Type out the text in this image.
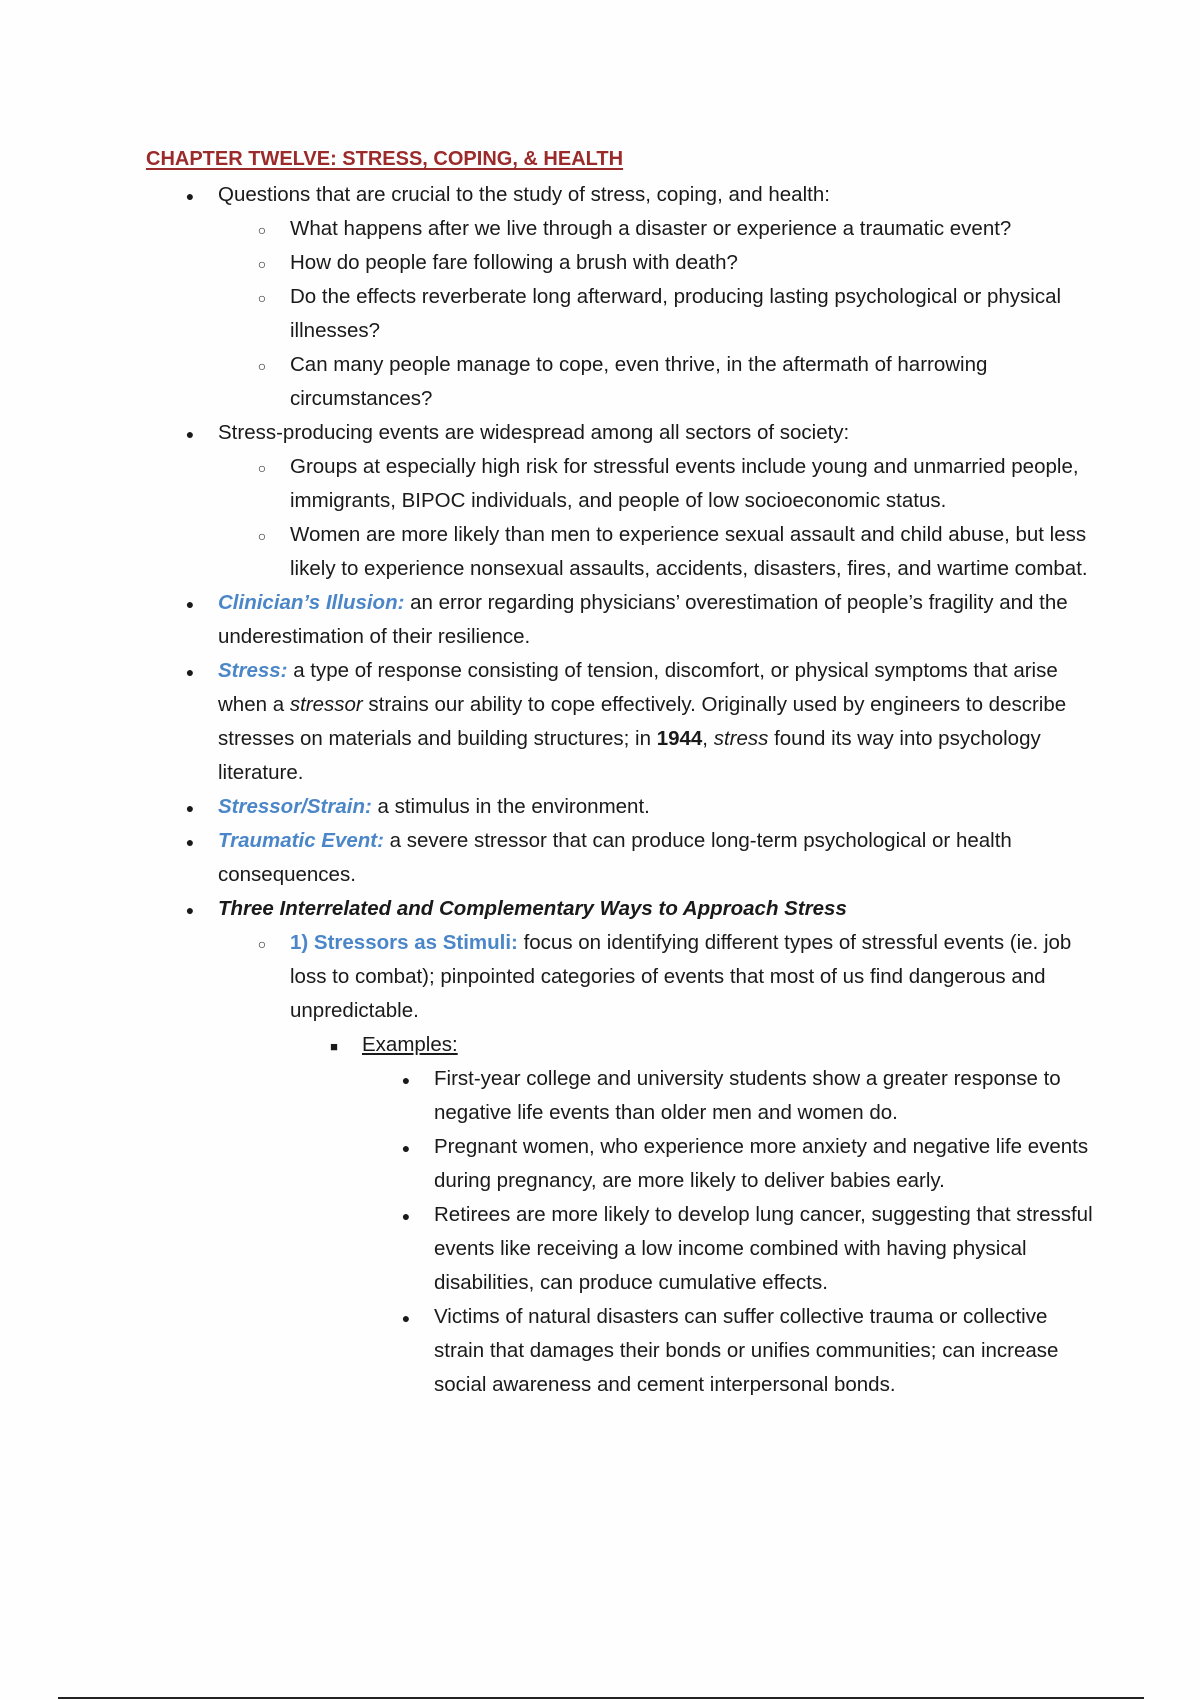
CHAPTER TWELVE: STRESS, COPING, & HEALTH
●
Questions that are crucial to the study of stress, coping, and health:
○
What happens after we live through a disaster or experience a traumatic event?
○
How do people fare following a brush with death?
○
Do the effects reverberate long afterward, producing lasting psychological or physical illnesses?
○
Can many people manage to cope, even thrive, in the aftermath of harrowing circumstances?
●
Stress-producing events are widespread among all sectors of society:
○
Groups at especially high risk for stressful events include young and unmarried people, immigrants, BIPOC individuals, and people of low socioeconomic status.
○
Women are more likely than men to experience sexual assault and child abuse, but less likely to experience nonsexual assaults, accidents, disasters, fires, and wartime combat.
●
Clinician’s Illusion: an error regarding physicians’ overestimation of people’s fragility and the underestimation of their resilience.
●
Stress: a type of response consisting of tension, discomfort, or physical symptoms that arise when a stressor strains our ability to cope effectively. Originally used by engineers to describe stresses on materials and building structures; in 1944, stress found its way into psychology literature.
●
Stressor/Strain: a stimulus in the environment.
●
Traumatic Event: a severe stressor that can produce long-term psychological or health consequences.
●
Three Interrelated and Complementary Ways to Approach Stress
○
1) Stressors as Stimuli: focus on identifying different types of stressful events (ie. job loss to combat); pinpointed categories of events that most of us find dangerous and unpredictable.
■
Examples:
●
First-year college and university students show a greater response to negative life events than older men and women do.
●
Pregnant women, who experience more anxiety and negative life events during pregnancy, are more likely to deliver babies early.
●
Retirees are more likely to develop lung cancer, suggesting that stressful events like receiving a low income combined with having physical disabilities, can produce cumulative effects.
●
Victims of natural disasters can suffer collective trauma or collective strain that damages their bonds or unifies communities; can increase social awareness and cement interpersonal bonds.
